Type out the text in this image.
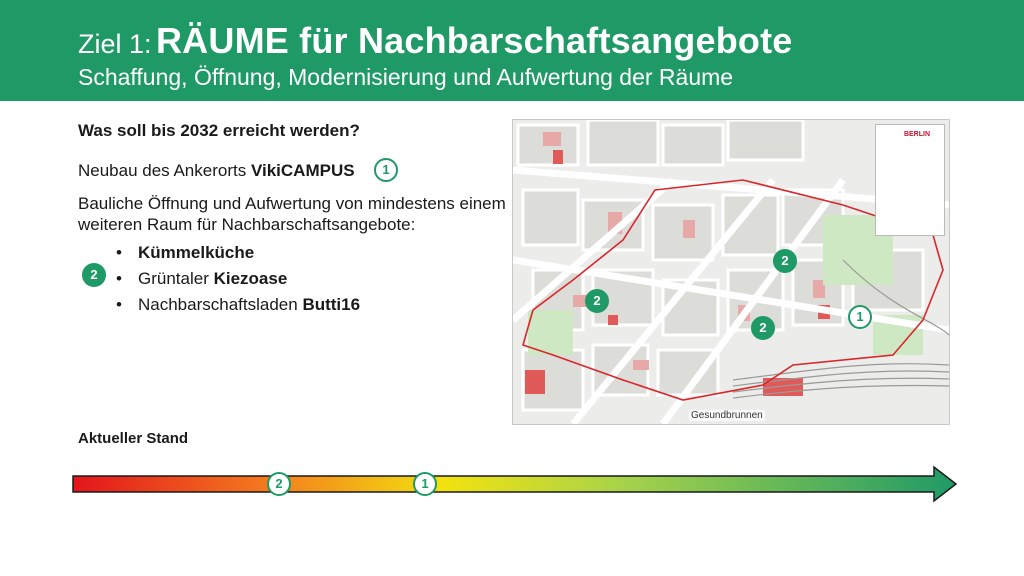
Ziel 1: RÄUME für Nachbarschaftsangebote
Schaffung, Öffnung, Modernisierung und Aufwertung der Räume
Was soll bis 2032 erreicht werden?
Neubau des Ankerorts VikiCAMPUS	1
Bauliche Öffnung und Aufwertung von mindestens einem weiteren Raum für Nachbarschaftsangebote:
• Kümmelküche
• Grüntaler Kiezoase
• Nachbarschaftsladen Butti16
2
BERLIN
Gesundbrunnen
2
2
2
1
Aktueller Stand
2	1
